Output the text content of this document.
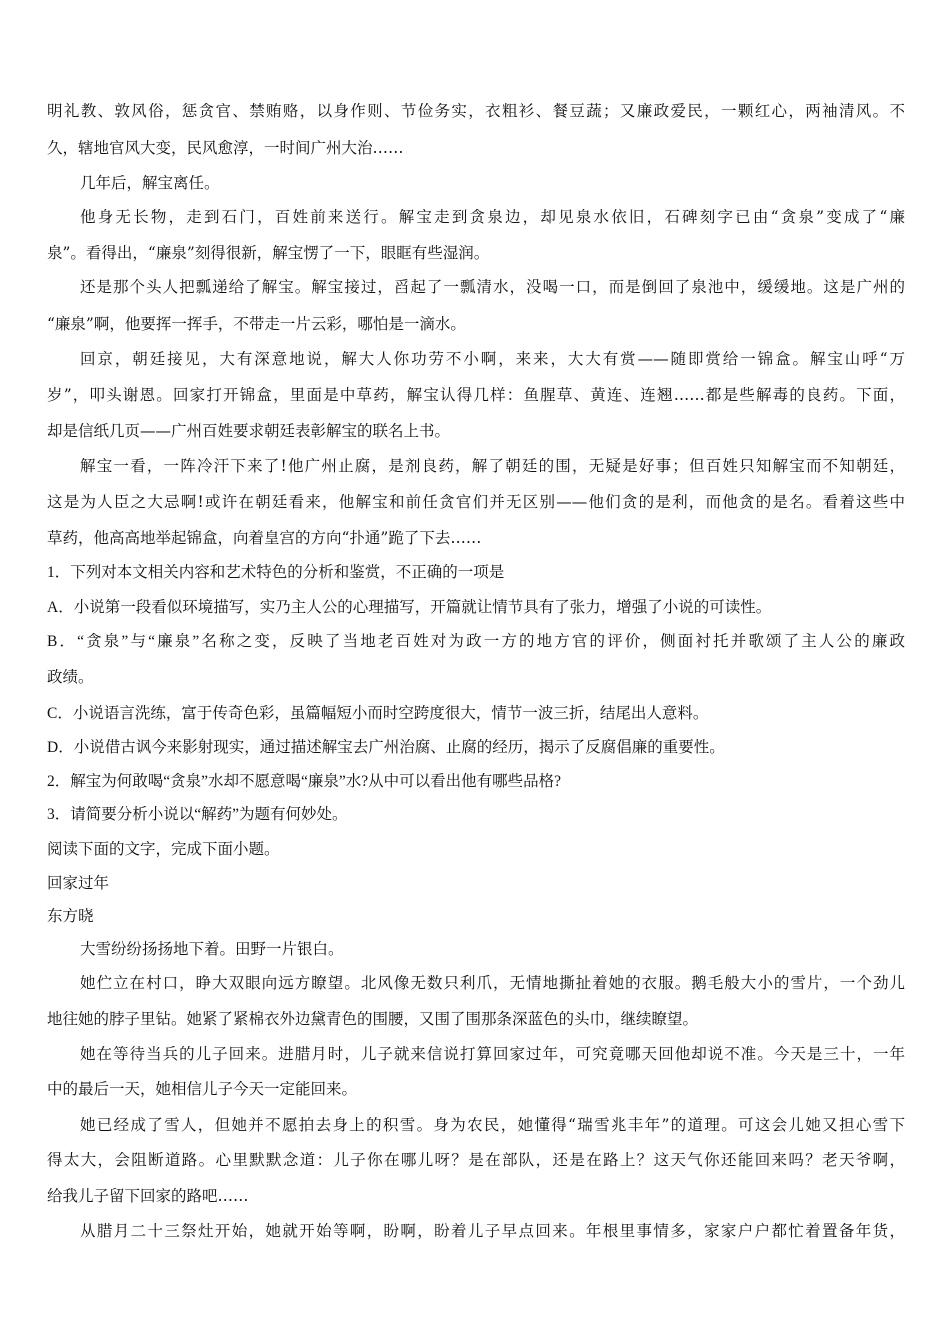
明礼教、敦风俗，惩贪官、禁贿赂，以身作则、节俭务实，衣粗衫、餐豆蔬；又廉政爱民，一颗红心，两袖清风。不
久，辖地官风大变，民风愈淳，一时间广州大治……
几年后，解宝离任。
他身无长物，走到石门，百姓前来送行。解宝走到贪泉边，却见泉水依旧，石碑刻字已由“贪泉”变成了“廉
泉”。看得出，“廉泉”刻得很新，解宝愣了一下，眼眶有些湿润。
还是那个头人把瓢递给了解宝。解宝接过，舀起了一瓢清水，没喝一口，而是倒回了泉池中，缓缓地。这是广州的
“廉泉”啊，他要挥一挥手，不带走一片云彩，哪怕是一滴水。
回京，朝廷接见，大有深意地说，解大人你功劳不小啊，来来，大大有赏——随即赏给一锦盒。解宝山呼“万
岁”，叩头谢恩。回家打开锦盒，里面是中草药，解宝认得几样：鱼腥草、黄连、连翘……都是些解毒的良药。下面，
却是信纸几页——广州百姓要求朝廷表彰解宝的联名上书。
解宝一看，一阵冷汗下来了!他广州止腐，是剂良药，解了朝廷的围，无疑是好事；但百姓只知解宝而不知朝廷，
这是为人臣之大忌啊!或许在朝廷看来，他解宝和前任贪官们并无区别——他们贪的是利，而他贪的是名。看着这些中
草药，他高高地举起锦盒，向着皇宫的方向“扑通”跪了下去……
1．下列对本文相关内容和艺术特色的分析和鉴赏，不正确的一项是
A．小说第一段看似环境描写，实乃主人公的心理描写，开篇就让情节具有了张力，增强了小说的可读性。
B．“贪泉”与“廉泉”名称之变，反映了当地老百姓对为政一方的地方官的评价，侧面衬托并歌颂了主人公的廉政
政绩。
C．小说语言洗练，富于传奇色彩，虽篇幅短小而时空跨度很大，情节一波三折，结尾出人意料。
D．小说借古讽今来影射现实，通过描述解宝去广州治腐、止腐的经历，揭示了反腐倡廉的重要性。
2．解宝为何敢喝“贪泉”水却不愿意喝“廉泉”水?从中可以看出他有哪些品格?
3．请简要分析小说以“解药”为题有何妙处。
阅读下面的文字，完成下面小题。
回家过年
东方晓
大雪纷纷扬扬地下着。田野一片银白。
她伫立在村口，睁大双眼向远方瞭望。北风像无数只利爪，无情地撕扯着她的衣服。鹅毛般大小的雪片，一个劲儿
地往她的脖子里钻。她紧了紧棉衣外边黛青色的围腰，又围了围那条深蓝色的头巾，继续瞭望。
她在等待当兵的儿子回来。进腊月时，儿子就来信说打算回家过年，可究竟哪天回他却说不准。今天是三十，一年
中的最后一天，她相信儿子今天一定能回来。
她已经成了雪人，但她并不愿拍去身上的积雪。身为农民，她懂得“瑞雪兆丰年”的道理。可这会儿她又担心雪下
得太大，会阻断道路。心里默默念道：儿子你在哪儿呀？是在部队，还是在路上？这天气你还能回来吗？老天爷啊，
给我儿子留下回家的路吧……
从腊月二十三祭灶开始，她就开始等啊，盼啊，盼着儿子早点回来。年根里事情多，家家户户都忙着置备年货，
